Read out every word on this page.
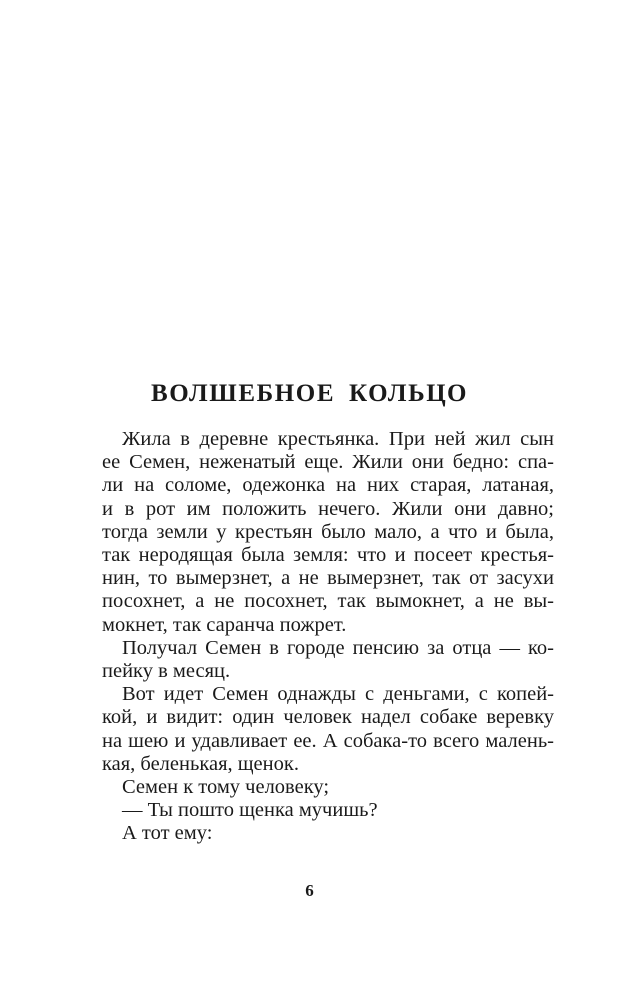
ВОЛШЕБНОЕ КОЛЬЦО
Жила в деревне крестьянка. При ней жил сын
ее Семен, неженатый еще. Жили они бедно: спа-
ли на соломе, одежонка на них старая, латаная,
и в рот им положить нечего. Жили они давно;
тогда земли у крестьян было мало, а что и была,
так неродящая была земля: что и посеет крестья-
нин, то вымерзнет, а не вымерзнет, так от засухи
посохнет, а не посохнет, так вымокнет, а не вы-
мокнет, так саранча пожрет.
Получал Семен в городе пенсию за отца — ко-
пейку в месяц.
Вот идет Семен однажды с деньгами, с копей-
кой, и видит: один человек надел собаке веревку
на шею и удавливает ее. А собака-то всего малень-
кая, беленькая, щенок.
Семен к тому человеку;
— Ты пошто щенка мучишь?
А тот ему:
6
